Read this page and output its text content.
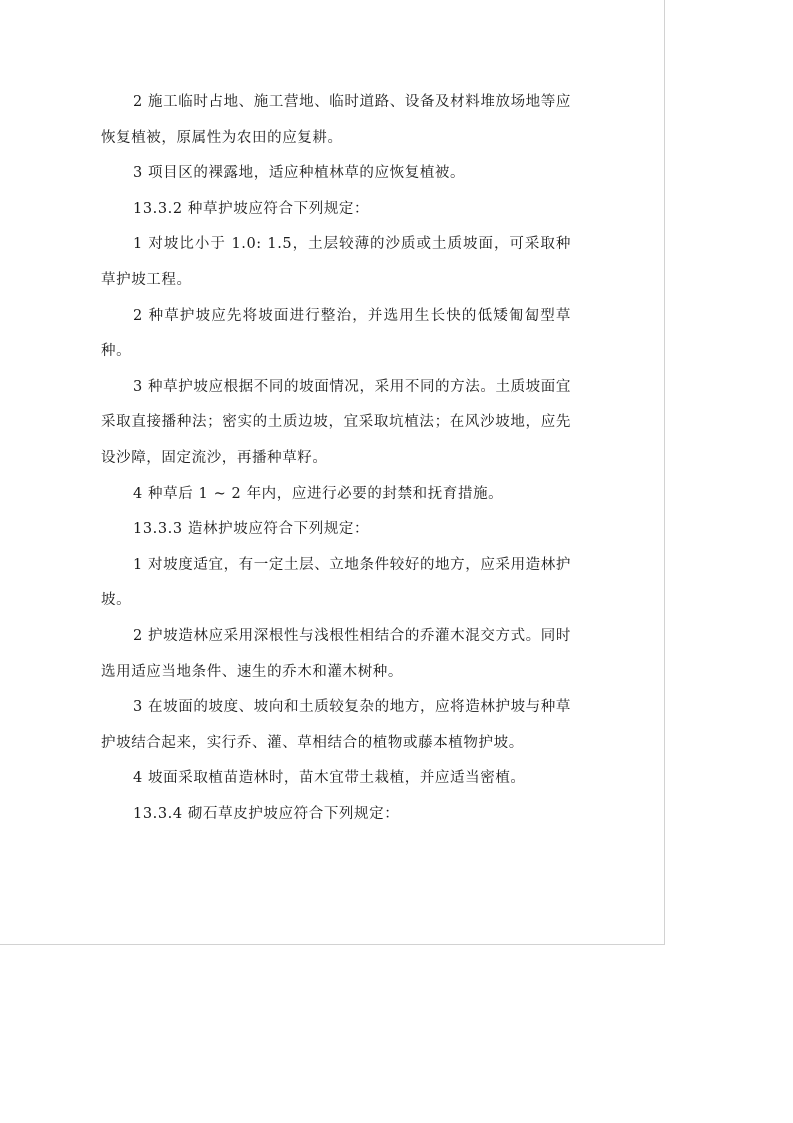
2 施工临时占地、施工营地、临时道路、设备及材料堆放场地等应恢复植被，原属性为农田的应复耕。

3 项目区的裸露地，适应种植林草的应恢复植被。

13.3.2 种草护坡应符合下列规定：

1 对坡比小于 1.0: 1.5，土层较薄的沙质或土质坡面，可采取种草护坡工程。

2 种草护坡应先将坡面进行整治，并选用生长快的低矮匍匐型草种。

3 种草护坡应根据不同的坡面情况，采用不同的方法。土质坡面宜采取直接播种法；密实的土质边坡，宜采取坑植法；在风沙坡地，应先设沙障，固定流沙，再播种草籽。

4 种草后 1 ~ 2 年内，应进行必要的封禁和抚育措施。

13.3.3 造林护坡应符合下列规定：

1 对坡度适宜，有一定土层、立地条件较好的地方，应采用造林护坡。

2 护坡造林应采用深根性与浅根性相结合的乔灌木混交方式。同时选用适应当地条件、速生的乔木和灌木树种。

3 在坡面的坡度、坡向和土质较复杂的地方，应将造林护坡与种草护坡结合起来，实行乔、灌、草相结合的植物或藤本植物护坡。

4 坡面采取植苗造林时，苗木宜带土栽植，并应适当密植。

13.3.4 砌石草皮护坡应符合下列规定：
